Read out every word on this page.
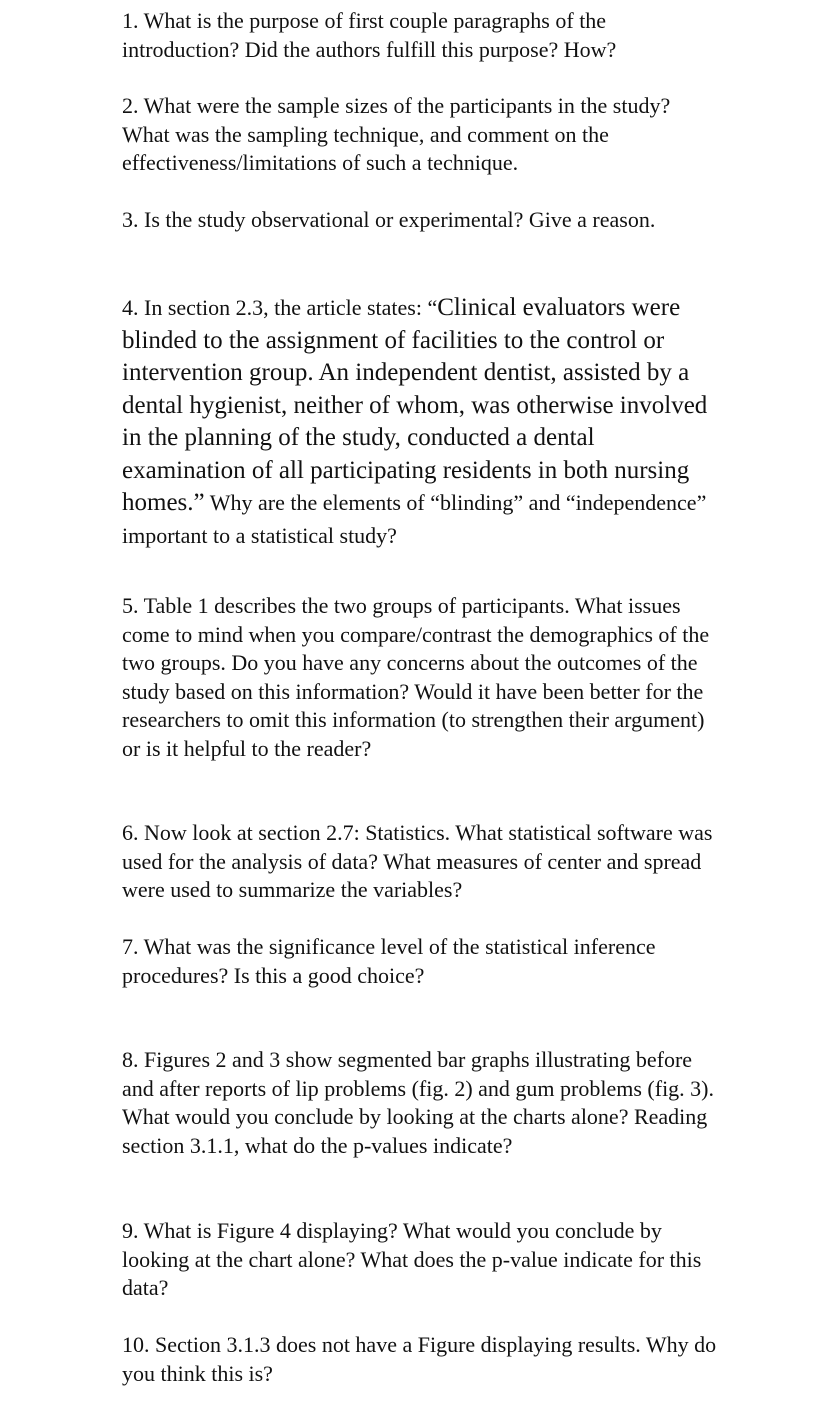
1. What is the purpose of first couple paragraphs of the introduction? Did the authors fulfill this purpose? How?

2. What were the sample sizes of the participants in the study? What was the sampling technique, and comment on the effectiveness/limitations of such a technique.

3. Is the study observational or experimental? Give a reason.

4. In section 2.3, the article states: “Clinical evaluators were blinded to the assignment of facilities to the control or intervention group. An independent dentist, assisted by a dental hygienist, neither of whom, was otherwise involved in the planning of the study, conducted a dental examination of all participating residents in both nursing homes.” Why are the elements of “blinding” and “independence” important to a statistical study?

5. Table 1 describes the two groups of participants. What issues come to mind when you compare/contrast the demographics of the two groups. Do you have any concerns about the outcomes of the study based on this information? Would it have been better for the researchers to omit this information (to strengthen their argument) or is it helpful to the reader?

6. Now look at section 2.7: Statistics. What statistical software was used for the analysis of data? What measures of center and spread were used to summarize the variables?

7. What was the significance level of the statistical inference procedures? Is this a good choice?

8. Figures 2 and 3 show segmented bar graphs illustrating before and after reports of lip problems (fig. 2) and gum problems (fig. 3). What would you conclude by looking at the charts alone? Reading section 3.1.1, what do the p-values indicate?

9. What is Figure 4 displaying? What would you conclude by looking at the chart alone? What does the p-value indicate for this data?

10. Section 3.1.3 does not have a Figure displaying results. Why do you think this is?
